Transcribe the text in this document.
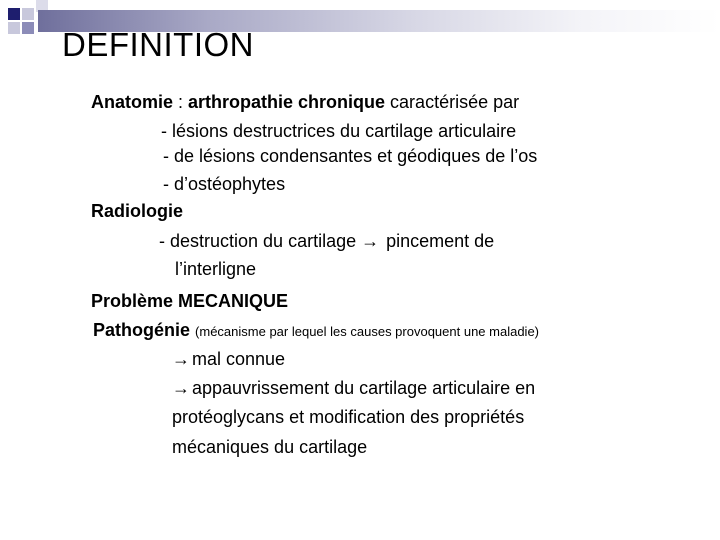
DEFINITION
Anatomie : arthropathie chronique caractérisée par
- lésions destructrices du cartilage articulaire
- de lésions condensantes et géodiques de l’os
- d’ostéophytes
Radiologie
- destruction du cartilage → pincement de
l’interligne
Problème MECANIQUE
Pathogénie (mécanisme par lequel les causes provoquent une maladie)
→ mal connue
→ appauvrissement du cartilage articulaire en
protéoglycans et modification des propriétés
mécaniques du cartilage
